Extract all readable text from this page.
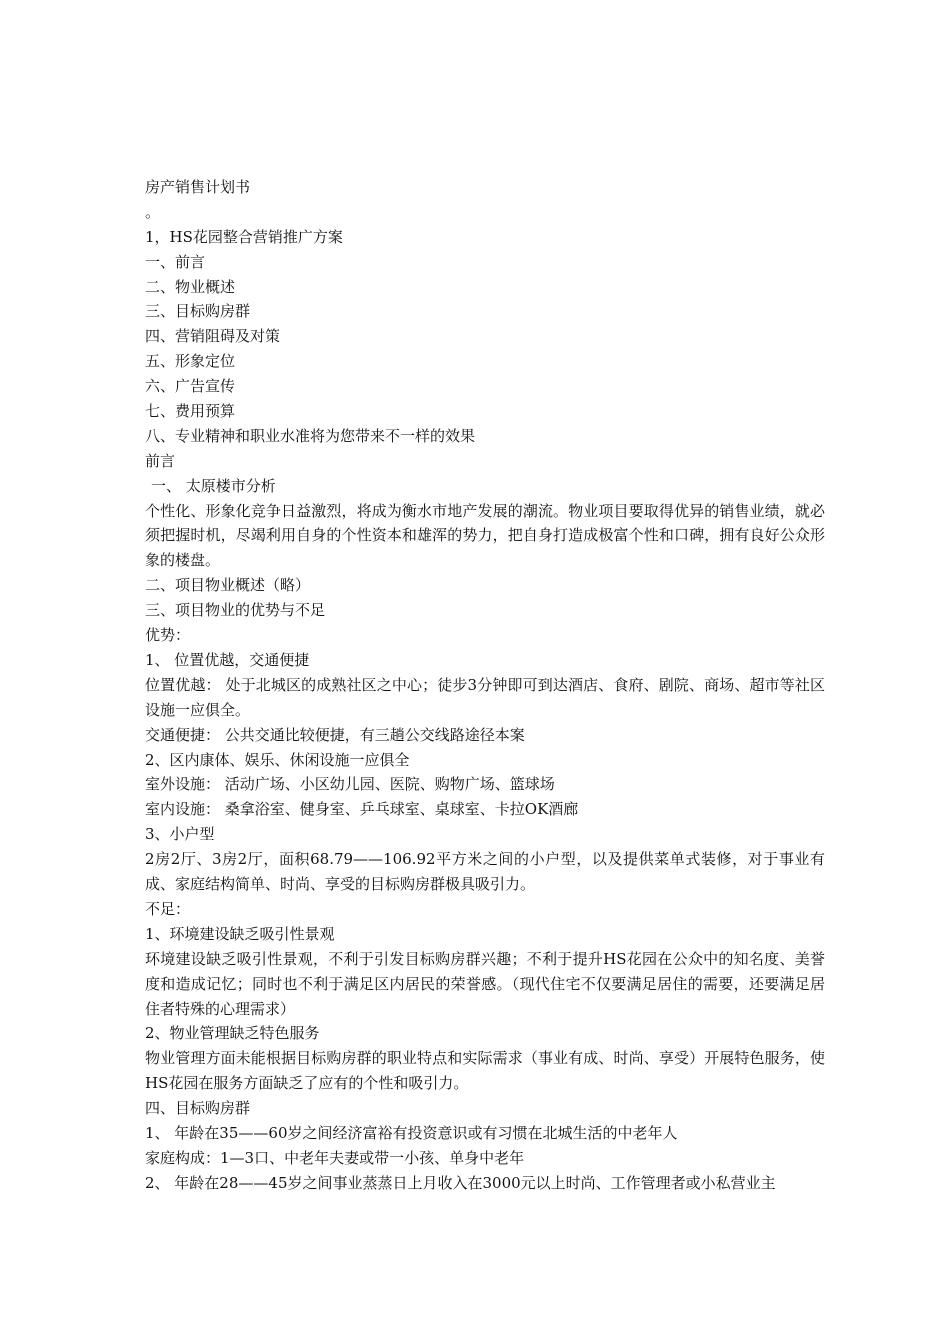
房产销售计划书
。
1，HS花园整合营销推广方案
一、前言
二、物业概述
三、目标购房群
四、营销阻碍及对策
五、形象定位
六、广告宣传
七、费用预算
八、专业精神和职业水准将为您带来不一样的效果
前言
一、 太原楼市分析
个性化、形象化竞争日益激烈，将成为衡水市地产发展的潮流。物业项目要取得优异的销售业绩，就必须把握时机，尽竭利用自身的个性资本和雄浑的势力，把自身打造成极富个性和口碑，拥有良好公众形象的楼盘。
二、项目物业概述（略）
三、项目物业的优势与不足
优势：
1、 位置优越，交通便捷
位置优越： 处于北城区的成熟社区之中心；徒步3分钟即可到达酒店、食府、剧院、商场、超市等社区设施一应俱全。
交通便捷： 公共交通比较便捷，有三趟公交线路途径本案
2、区内康体、娱乐、休闲设施一应俱全
室外设施： 活动广场、小区幼儿园、医院、购物广场、篮球场
室内设施： 桑拿浴室、健身室、乒乓球室、桌球室、卡拉OK酒廊
3、小户型
2房2厅、3房2厅，面积68.79——106.92平方米之间的小户型，以及提供菜单式装修，对于事业有成、家庭结构简单、时尚、享受的目标购房群极具吸引力。
不足：
1、环境建设缺乏吸引性景观
环境建设缺乏吸引性景观，不利于引发目标购房群兴趣；不利于提升HS花园在公众中的知名度、美誉度和造成记忆；同时也不利于满足区内居民的荣誉感。（现代住宅不仅要满足居住的需要，还要满足居住者特殊的心理需求）
2、物业管理缺乏特色服务
物业管理方面未能根据目标购房群的职业特点和实际需求（事业有成、时尚、享受）开展特色服务，使HS花园在服务方面缺乏了应有的个性和吸引力。
四、目标购房群
1、 年龄在35——60岁之间经济富裕有投资意识或有习惯在北城生活的中老年人
家庭构成：1—3口、中老年夫妻或带一小孩、单身中老年
2、 年龄在28——45岁之间事业蒸蒸日上月收入在3000元以上时尚、工作管理者或小私营业主
